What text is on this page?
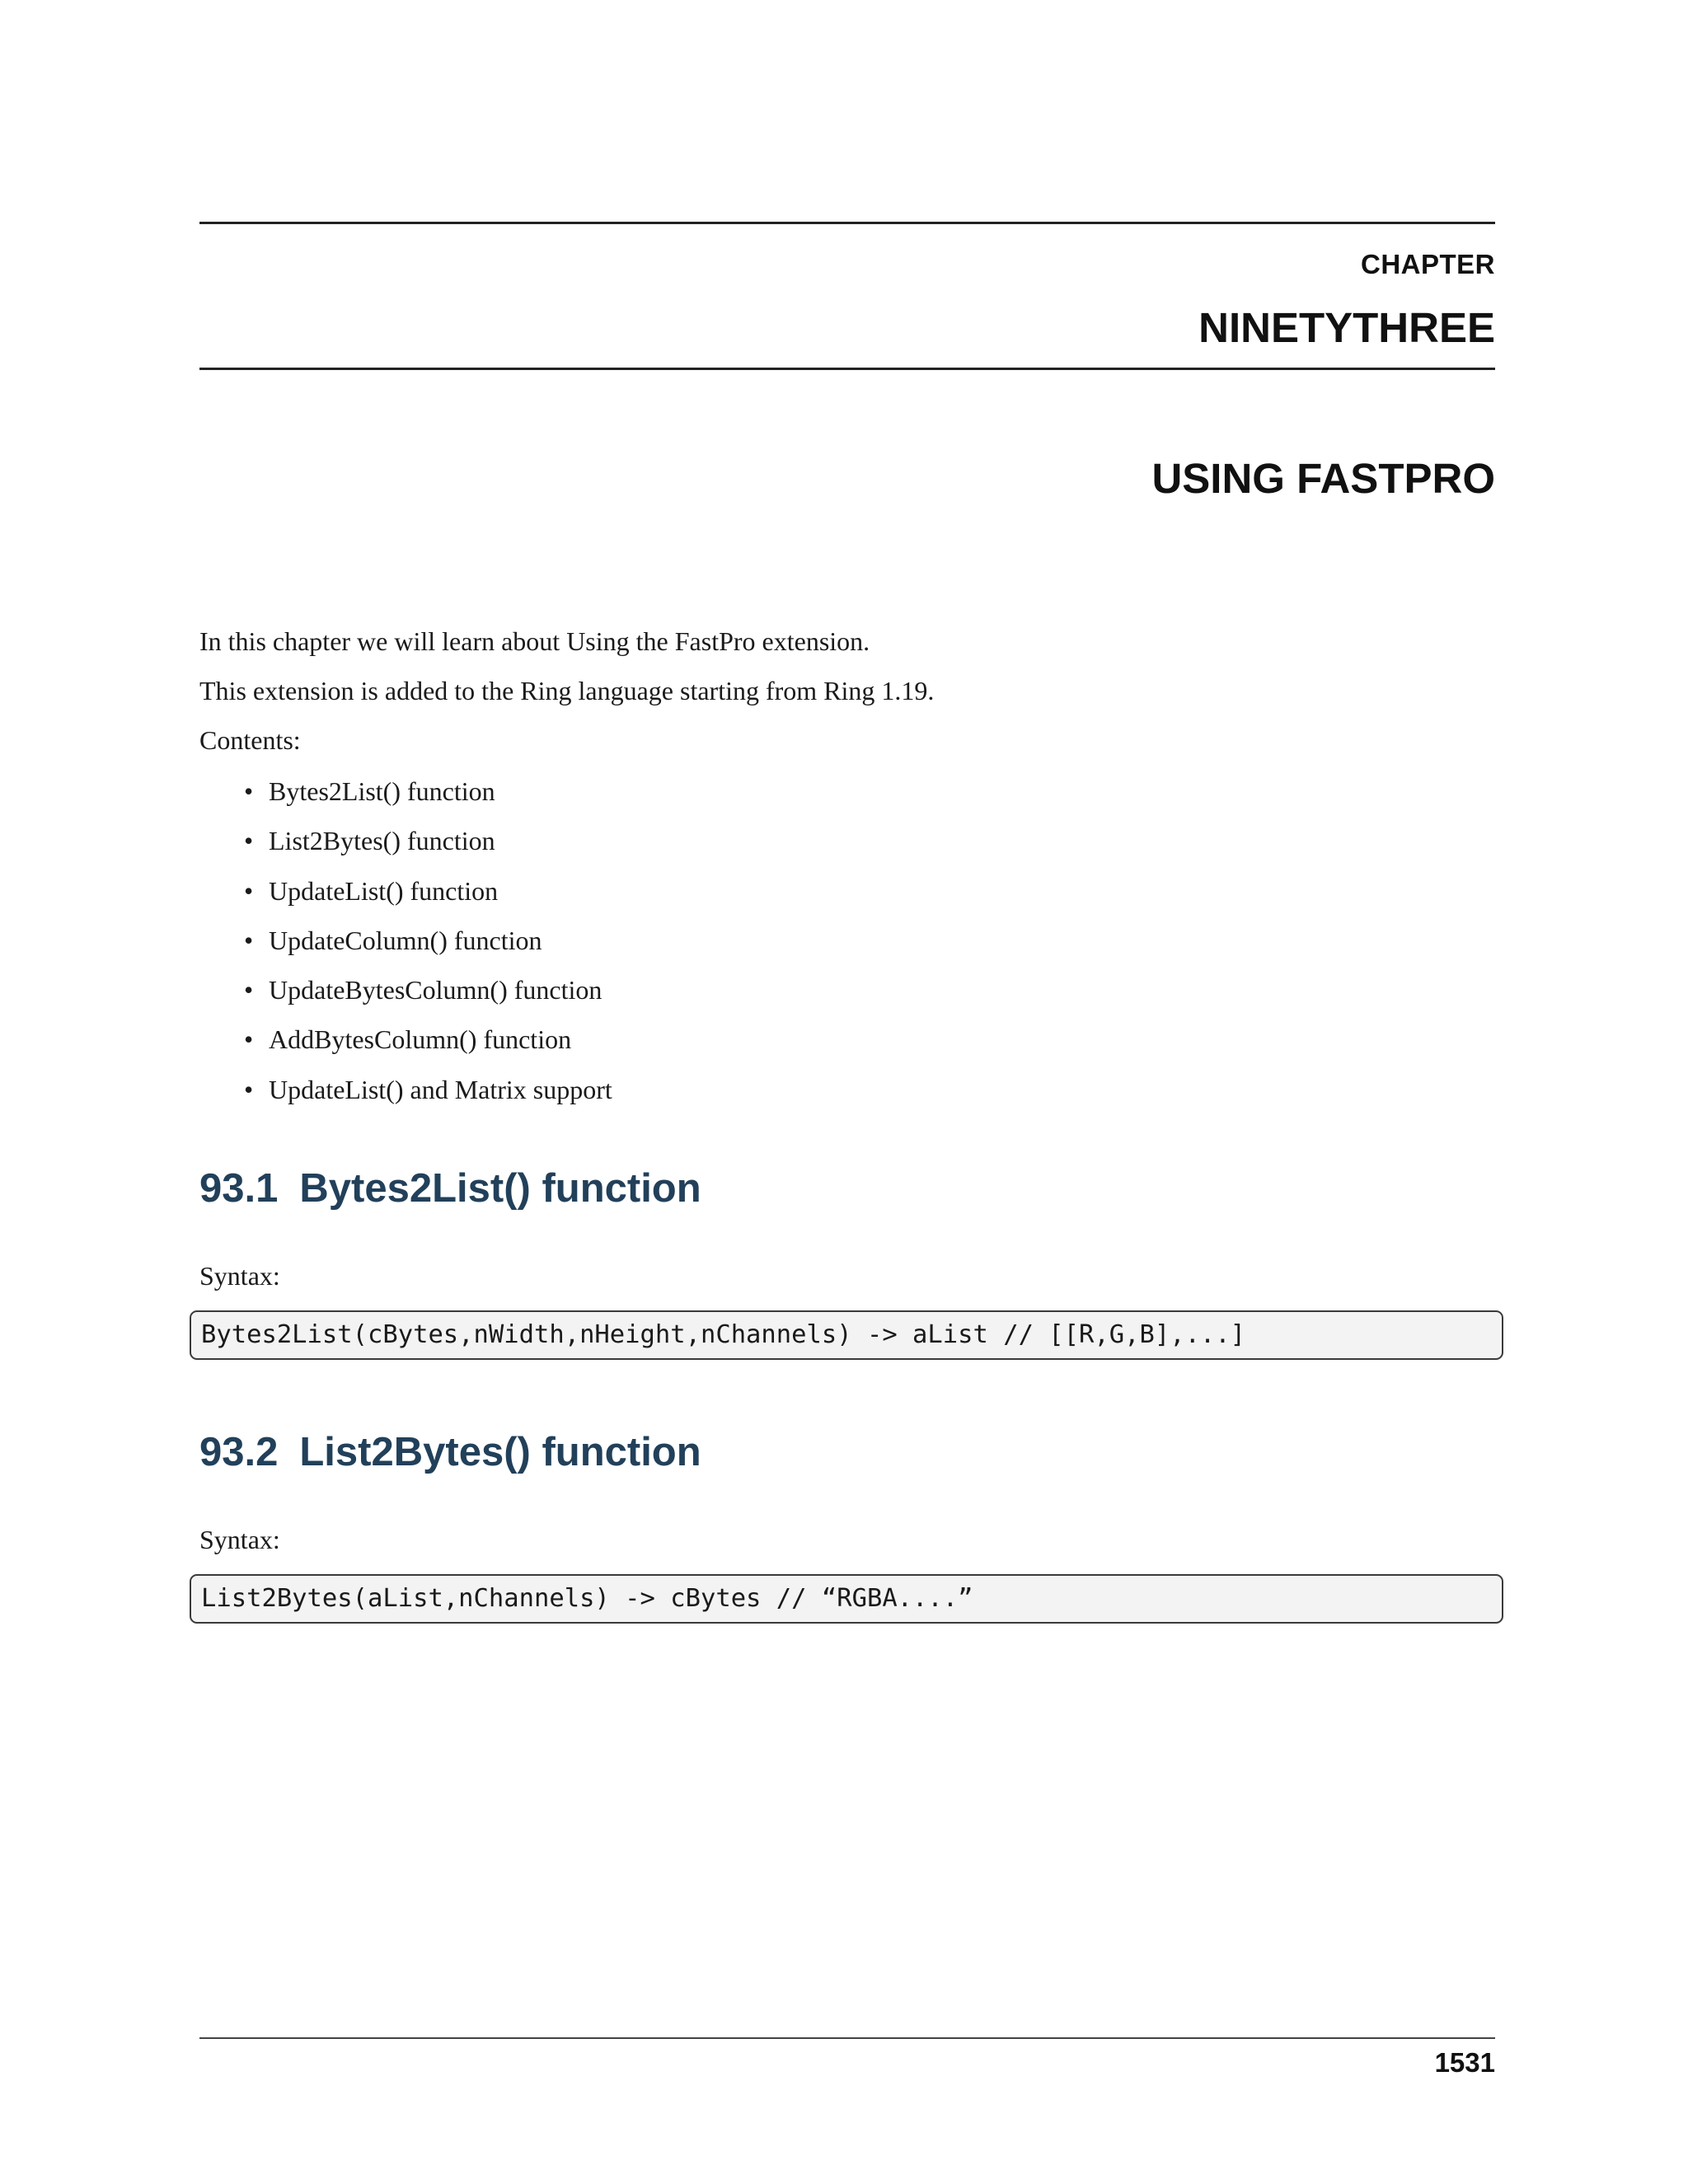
CHAPTER
NINETYTHREE
USING FASTPRO
In this chapter we will learn about Using the FastPro extension.
This extension is added to the Ring language starting from Ring 1.19.
Contents:
• Bytes2List() function
• List2Bytes() function
• UpdateList() function
• UpdateColumn() function
• UpdateBytesColumn() function
• AddBytesColumn() function
• UpdateList() and Matrix support
93.1 Bytes2List() function
Syntax:
Bytes2List(cBytes,nWidth,nHeight,nChannels) -> aList // [[R,G,B],...]
93.2 List2Bytes() function
Syntax:
List2Bytes(aList,nChannels) -> cBytes // “RGBA....”
1531
